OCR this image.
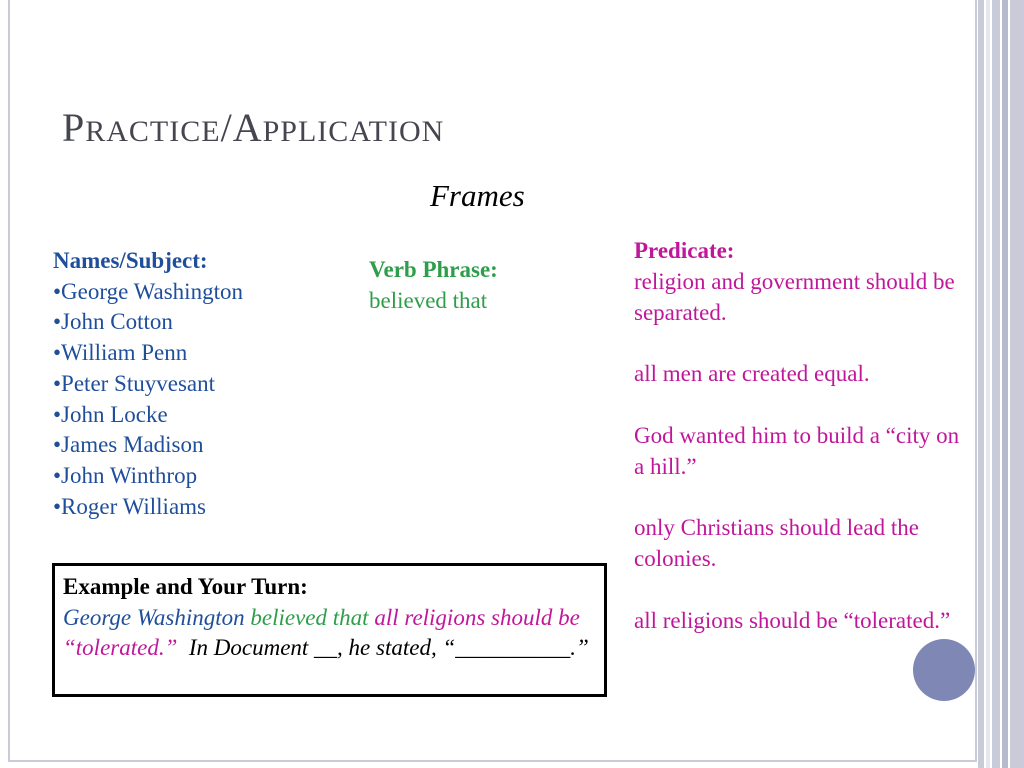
PRACTICE/APPLICATION
Frames
Names/Subject:
•George Washington
•John Cotton
•William Penn
•Peter Stuyvesant
•John Locke
•James Madison
•John Winthrop
•Roger Williams
Verb Phrase:
believed that
Predicate:
religion and government should be separated.
all men are created equal.
God wanted him to build a “city on a hill.”
only Christians should lead the colonies.
all religions should be “tolerated.”
Example and Your Turn:
George Washington believed that all religions should be “tolerated.” In Document __, he stated, “__________.”
